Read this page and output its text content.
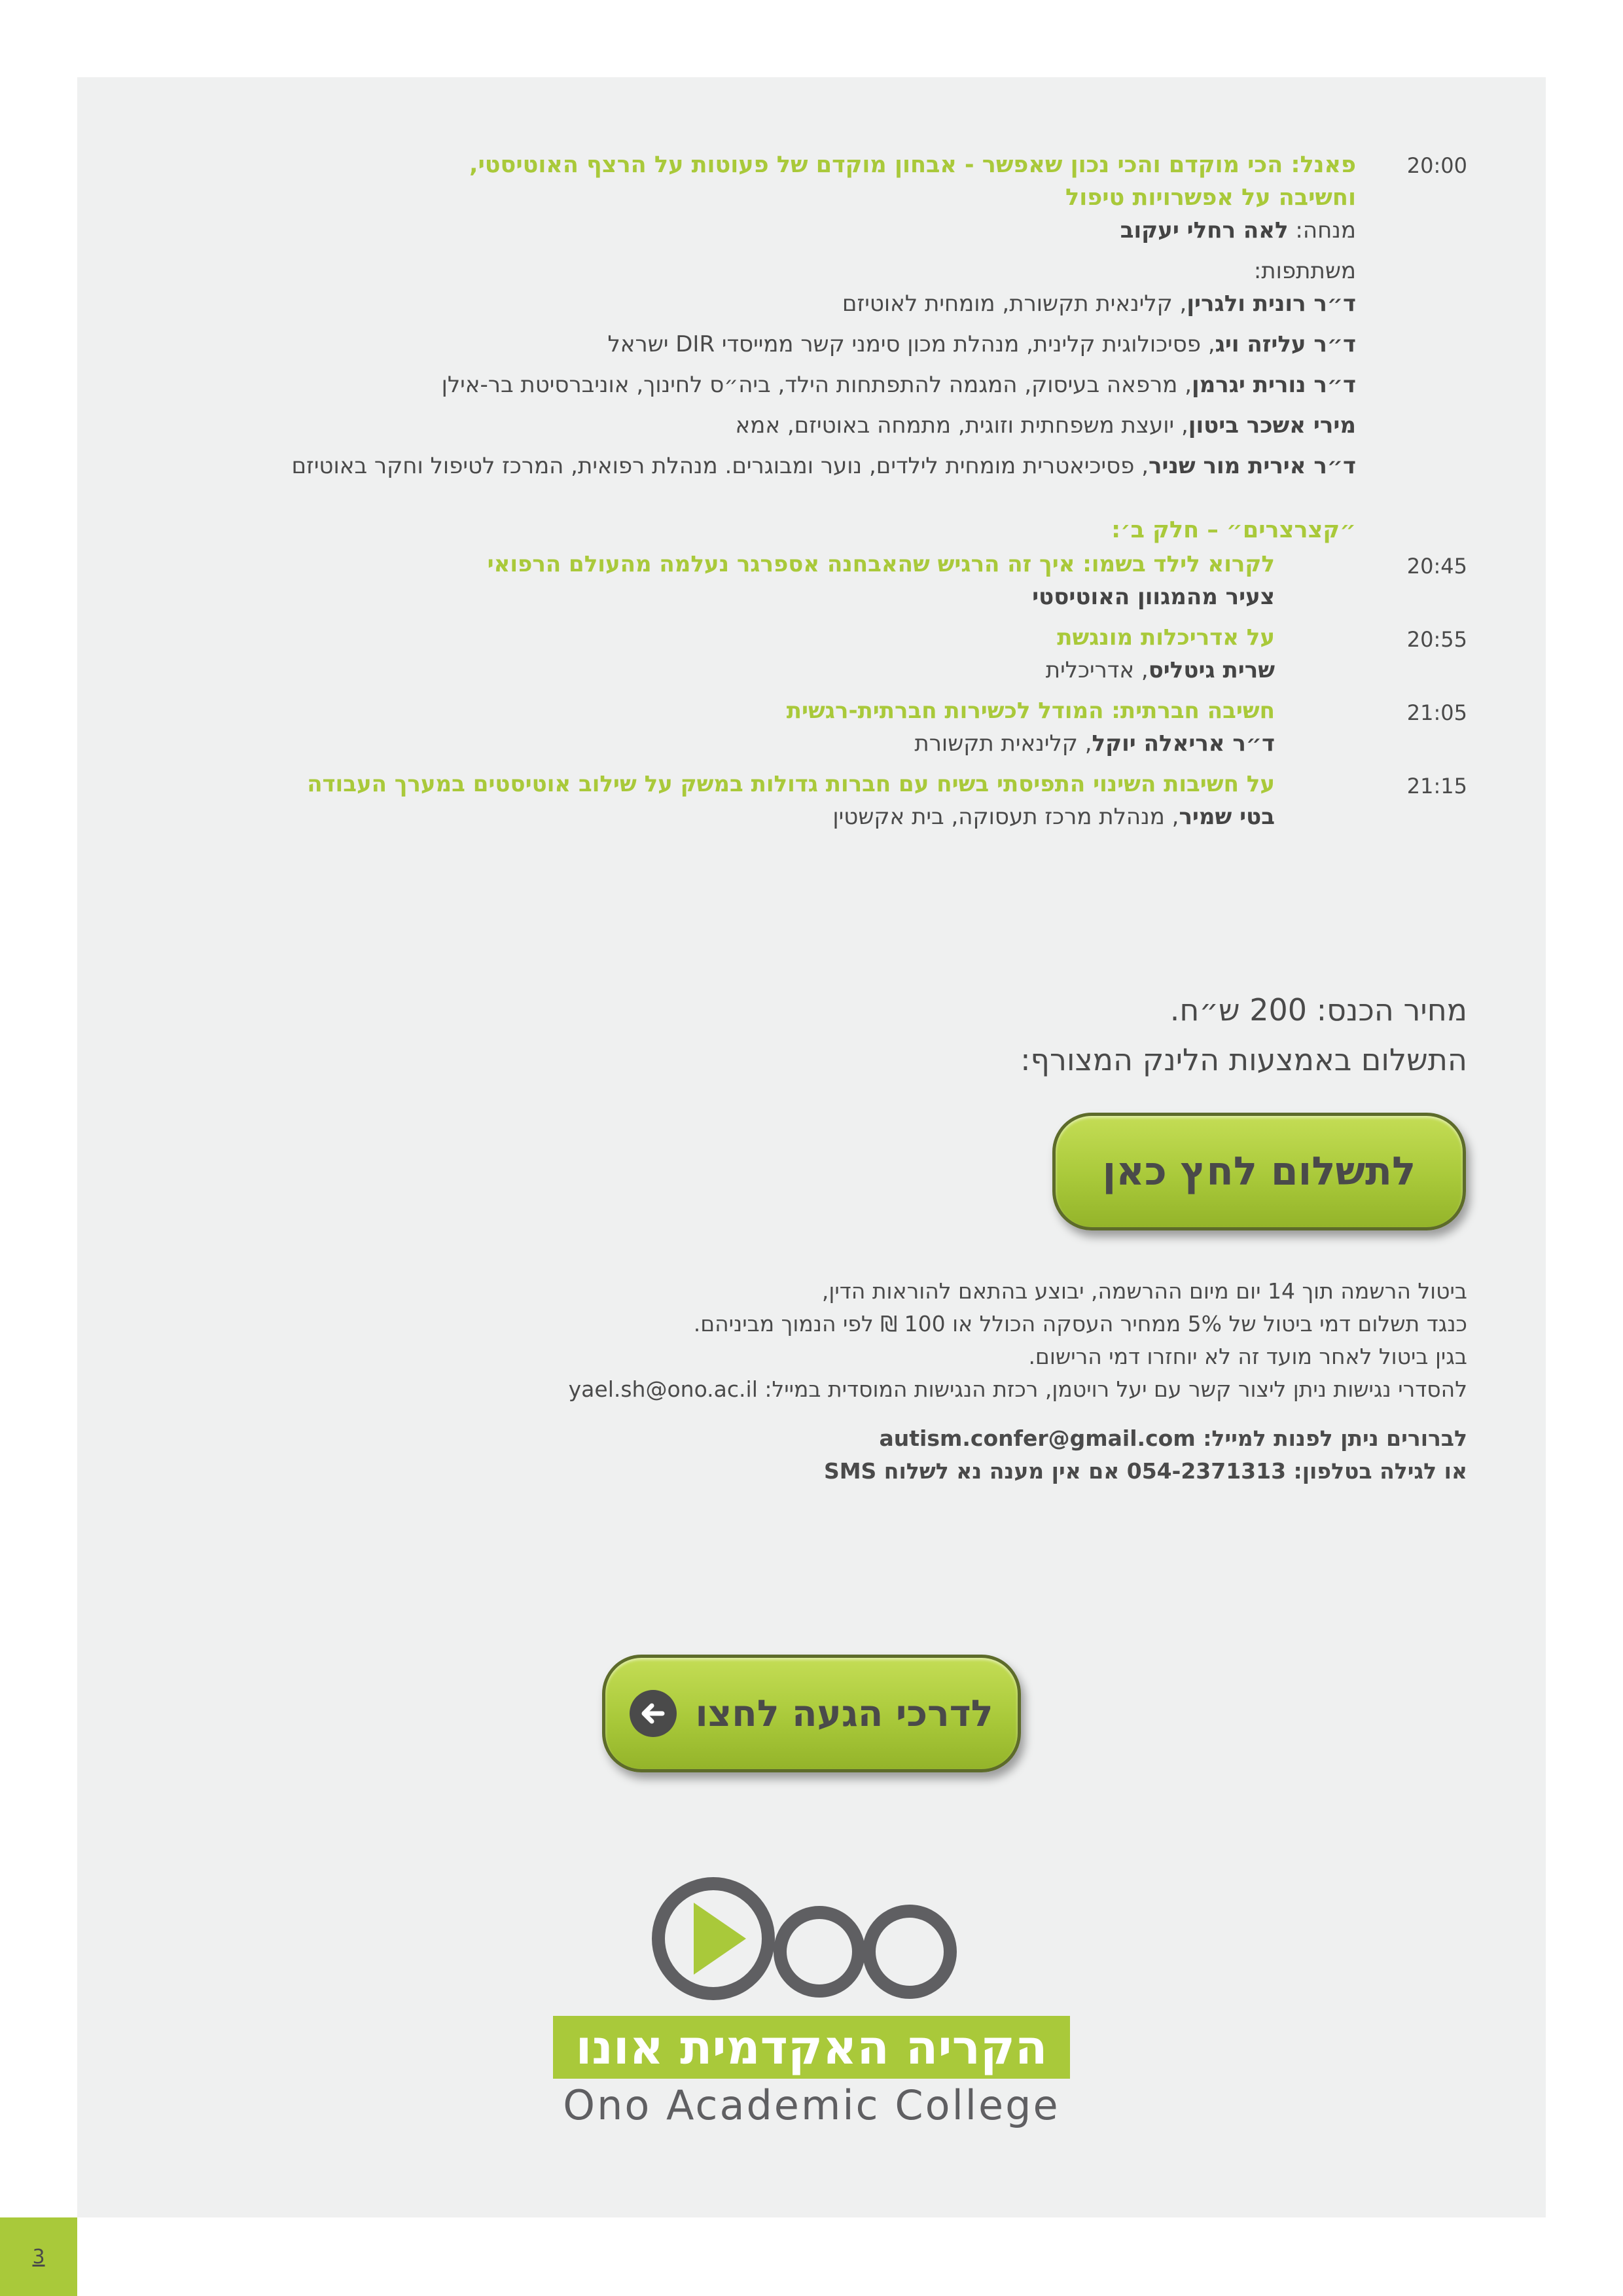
20:00
פאנל: הכי מוקדם והכי נכון שאפשר - אבחון מוקדם של פעוטות על הרצף האוטיסטי,
וחשיבה על אפשרויות טיפול
מנחה: לאה רחלי יעקוב
משתתפות:
ד״ר רונית ולגרין, קלינאית תקשורת, מומחית לאוטיזם
ד״ר עליזה ויג, פסיכולוגית קלינית, מנהלת מכון סימני קשר ממייסדי DIR ישראל
ד״ר נורית יגרמן, מרפאה בעיסוק, המגמה להתפתחות הילד, ביה״ס לחינוך, אוניברסיטת בר-אילן
מירי אשכר ביטון, יועצת משפחתית וזוגית, מתמחה באוטיזם, אמא
ד״ר אירית מור שניר, פסיכיאטרית מומחית לילדים, נוער ומבוגרים. מנהלת רפואית, המרכז לטיפול וחקר באוטיזם
״קצרצרים״ – חלק ב׳:
20:45
לקרוא לילד בשמו: איך זה הרגיש שהאבחנה אספרגר נעלמה מהעולם הרפואי
צעיר מהמגוון האוטיסטי
20:55
על אדריכלות מונגשת
שרית גיטליס, אדריכלית
21:05
חשיבה חברתית: המודל לכשירות חברתית-רגשית
ד״ר אריאלה יוקל, קלינאית תקשורת
21:15
על חשיבות השינוי התפיסתי בשיח עם חברות גדולות במשק על שילוב אוטיסטים במערך העבודה
בטי שמיר, מנהלת מרכז תעסוקה, בית אקשטין
מחיר הכנס: 200 ש״ח.
התשלום באמצעות הלינק המצורף:
לתשלום לחץ כאן
ביטול הרשמה תוך 14 יום מיום ההרשמה, יבוצע בהתאם להוראות הדין,
כנגד תשלום דמי ביטול של 5% ממחיר העסקה הכולל או 100 ₪ לפי הנמוך מביניהם.
בגין ביטול לאחר מועד זה לא יוחזרו דמי הרישום.
להסדרי נגישות ניתן ליצור קשר עם יעל רויטמן, רכזת הנגישות המוסדית במייל: yael.sh@ono.ac.il
לברורים ניתן לפנות למייל: autism.confer@gmail.com
או לגילה בטלפון: 054-2371313 אם אין מענה נא לשלוח SMS
לדרכי הגעה לחצו
הקריה האקדמית אונו
Ono Academic College
3
